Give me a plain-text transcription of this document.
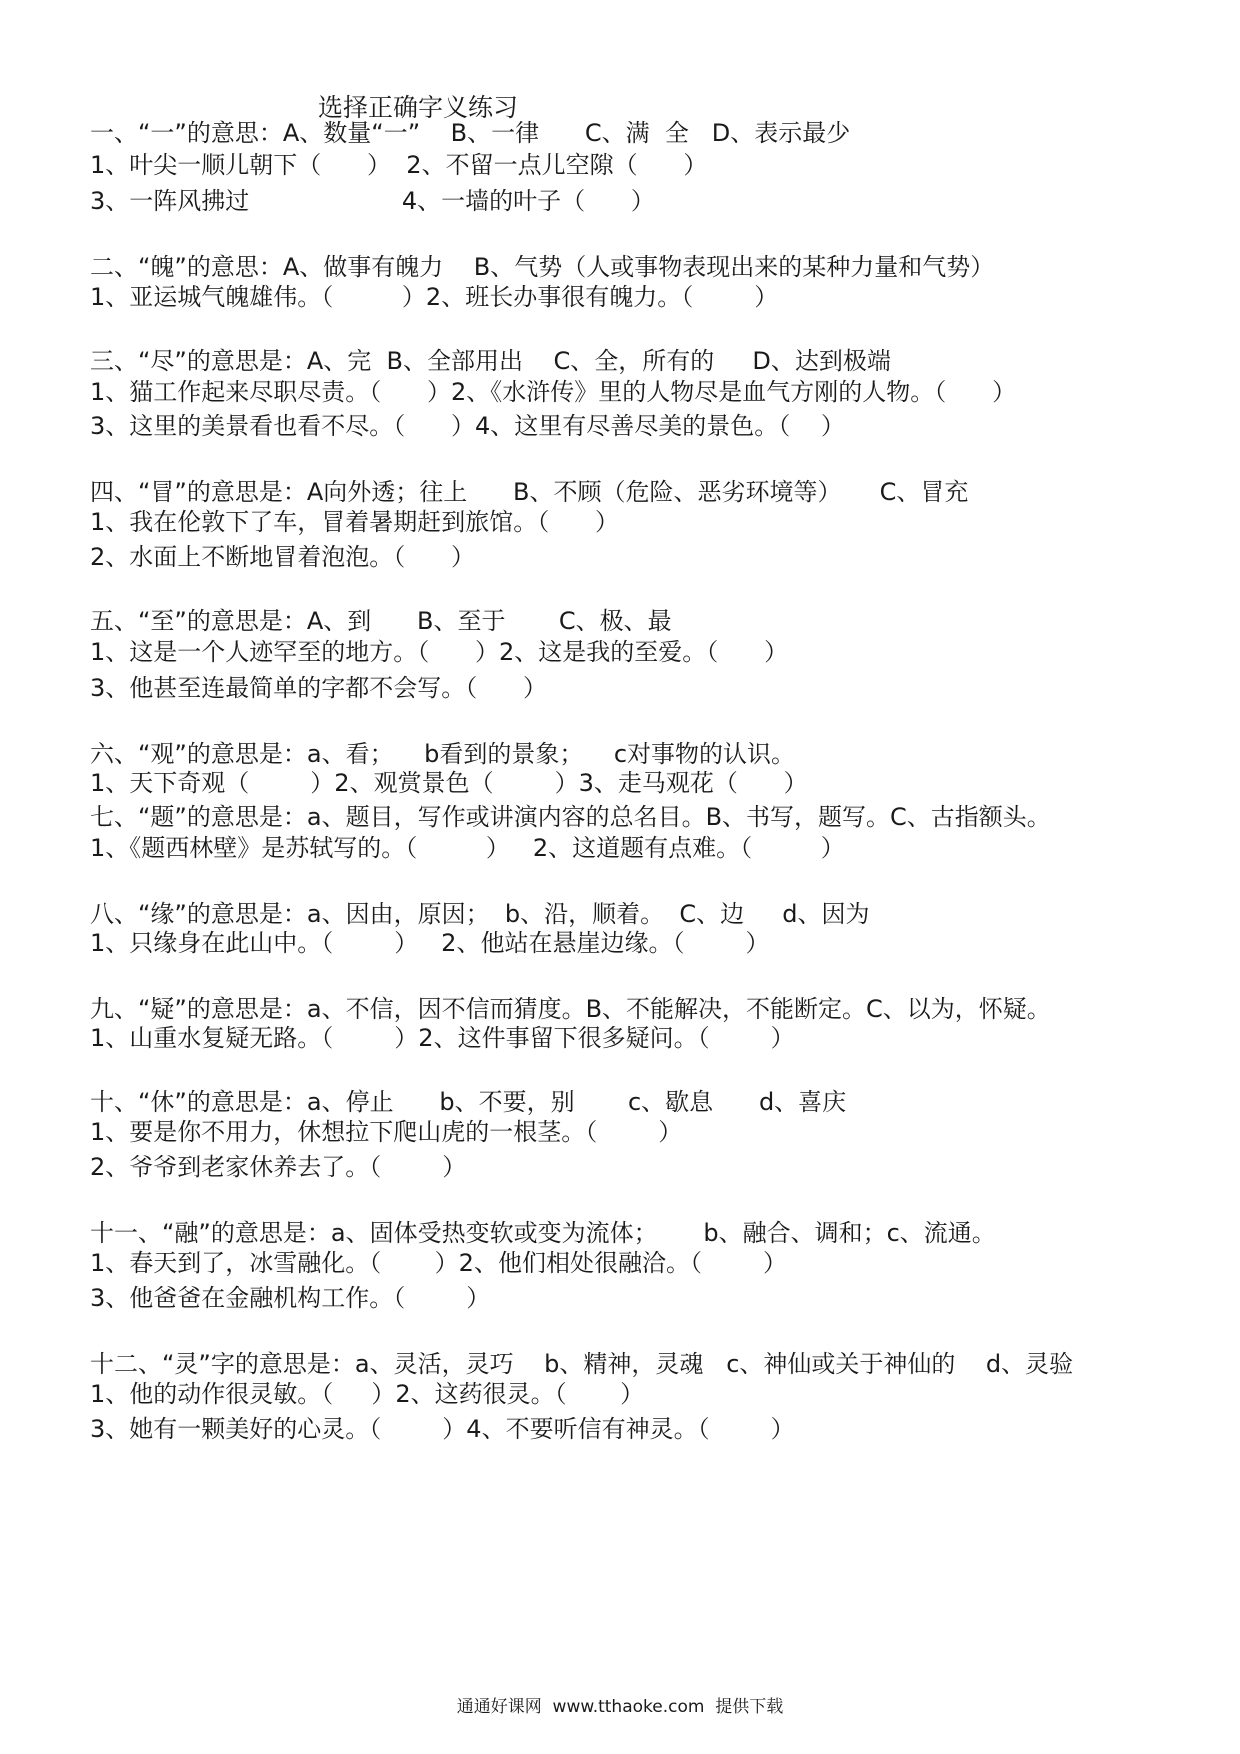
选择正确字义练习
一、“一”的意思：A、数量“一”    B、一律      C、满  全   D、表示最少
1、叶尖一顺儿朝下（      ）  2、不留一点儿空隙（      ）
3、一阵风拂过                    4、一墙的叶子（      ）
二、“魄”的意思：A、做事有魄力    B、气势（人或事物表现出来的某种力量和气势）
1、亚运城气魄雄伟。（         ）2、班长办事很有魄力。（        ）
三、“尽”的意思是：A、完  B、全部用出    C、全，所有的     D、达到极端
1、猫工作起来尽职尽责。（      ）2、《水浒传》里的人物尽是血气方刚的人物。（      ）
3、这里的美景看也看不尽。（      ）4、这里有尽善尽美的景色。（    ）
四、“冒”的意思是：A向外透；往上      B、不顾（危险、恶劣环境等）     C、冒充
1、我在伦敦下了车，冒着暑期赶到旅馆。（      ）
2、水面上不断地冒着泡泡。（      ）
五、“至”的意思是：A、到      B、至于       C、极、最
1、这是一个人迹罕至的地方。（      ）2、这是我的至爱。（      ）
3、他甚至连最简单的字都不会写。（      ）
六、“观”的意思是：a、看；    b看到的景象；    c对事物的认识。
1、天下奇观（        ）2、观赏景色（        ）3、走马观花（      ）
七、“题”的意思是：a、题目，写作或讲演内容的总名目。B、书写，题写。C、古指额头。
1、《题西林壁》是苏轼写的。（         ）   2、这道题有点难。（         ）
八、“缘”的意思是：a、因由，原因；  b、沿，顺着。  C、边     d、因为
1、只缘身在此山中。（        ）   2、他站在悬崖边缘。（        ）
九、“疑”的意思是：a、不信，因不信而猜度。B、不能解决，不能断定。C、以为，怀疑。
1、山重水复疑无路。（        ）2、这件事留下很多疑问。（        ）
十、“休”的意思是：a、停止      b、不要，别       c、歇息      d、喜庆
1、要是你不用力，休想拉下爬山虎的一根茎。（        ）
2、爷爷到老家休养去了。（        ）
十一、“融”的意思是：a、固体受热变软或变为流体；      b、融合、调和；c、流通。
1、春天到了，冰雪融化。（       ）2、他们相处很融洽。（        ）
3、他爸爸在金融机构工作。（        ）
十二、“灵”字的意思是：a、灵活，灵巧    b、精神，灵魂   c、神仙或关于神仙的    d、灵验
1、他的动作很灵敏。（     ）2、这药很灵。（       ）
3、她有一颗美好的心灵。（        ）4、不要听信有神灵。（        ）
通通好课网  www.tthaoke.com  提供下载
